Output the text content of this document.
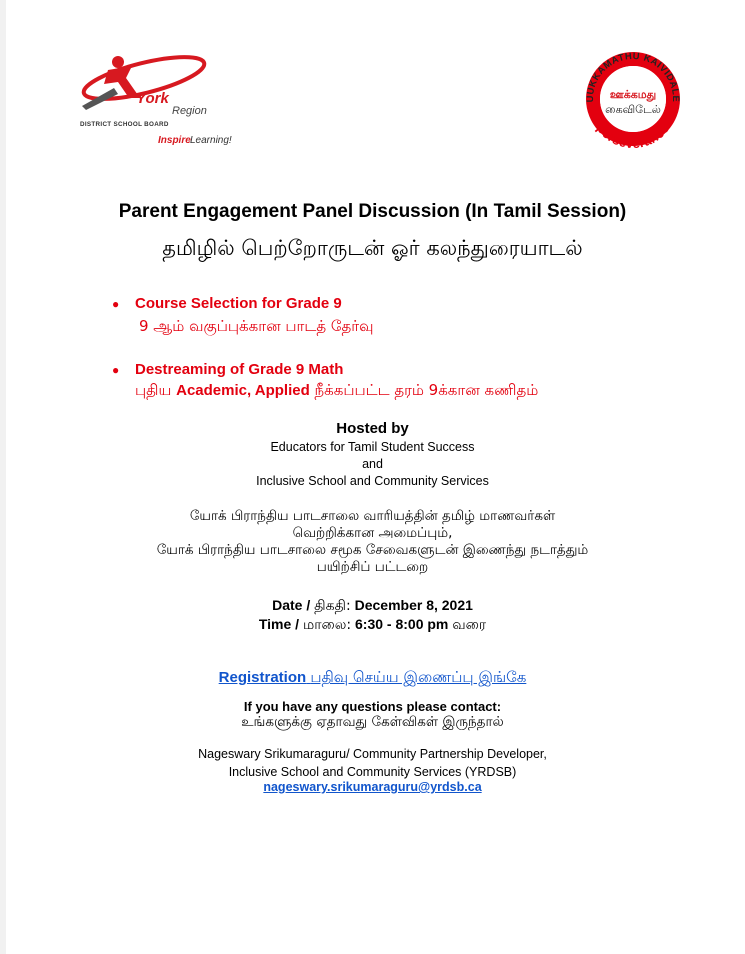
York
Region
DISTRICT SCHOOL BOARD
Inspire Learning!
UUKKAMATHU KAIVIDALE
perseverance
ஊக்கமது
கைவிடேல்
Parent Engagement Panel Discussion (In Tamil Session)
தமிழில் பெற்றோருடன் ஓர் கலந்துரையாடல்
● Course Selection for Grade 9
9 ஆம் வகுப்புக்கான பாடத் தேர்வு
● Destreaming of Grade 9 Math
புதிய Academic, Applied நீக்கப்பட்ட தரம் 9க்கான கணிதம்
Hosted by
Educators for Tamil Student Success
and
Inclusive School and Community Services
யோக் பிராந்திய பாடசாலை வாரியத்தின் தமிழ் மாணவர்கள்
வெற்றிக்கான அமைப்பும்,
யோக் பிராந்திய பாடசாலை சமூக சேவைகளுடன் இணைந்து நடாத்தும்
பயிற்சிப் பட்டறை
Date / திகதி: December 8, 2021
Time / மாலை: 6:30 - 8:00 pm வரை
Registration பதிவு செய்ய இணைப்பு இங்கே
If you have any questions please contact:
உங்களுக்கு ஏதாவது கேள்விகள் இருந்தால்
Nageswary Srikumaraguru/ Community Partnership Developer,
Inclusive School and Community Services (YRDSB)
nageswary.srikumaraguru@yrdsb.ca
